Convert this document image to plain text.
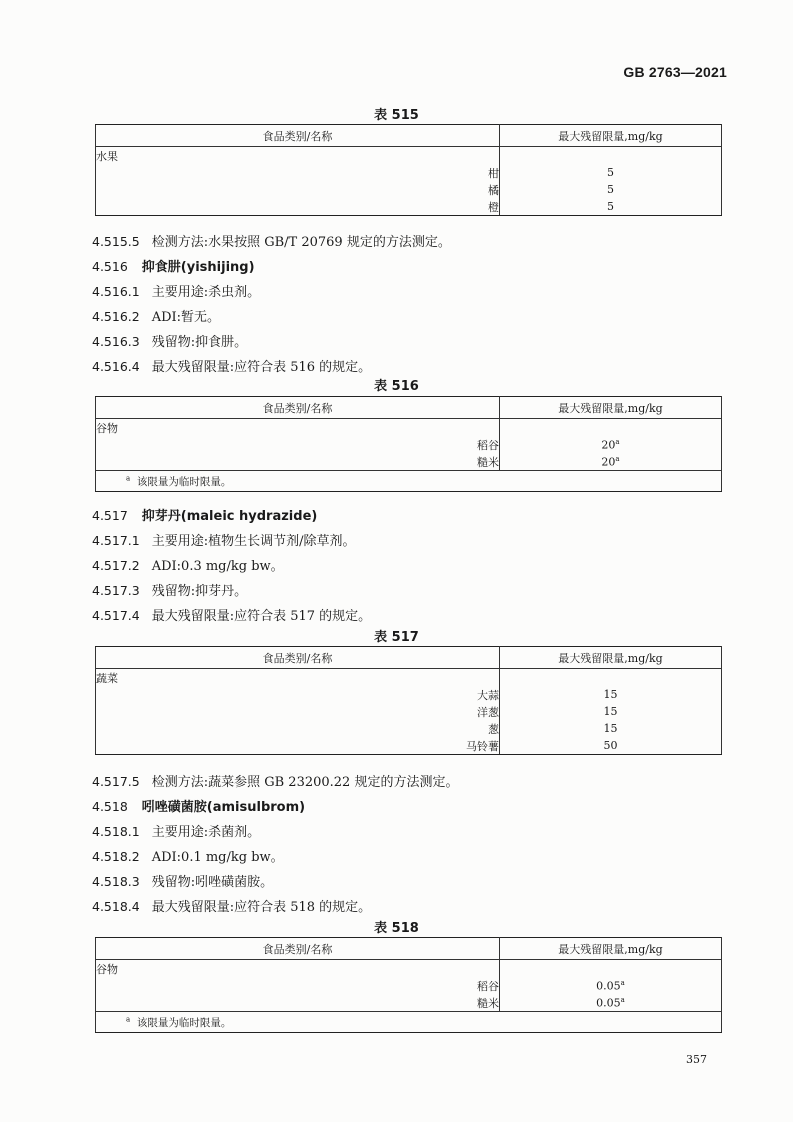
GB 2763—2021
表 515
食品类别/名称	最大残留限量,mg/kg
水果	
柑	5
橘	5
橙	5
4.515.5 检测方法:水果按照 GB/T 20769 规定的方法测定。
4.516 抑食肼(yishijing)
4.516.1 主要用途:杀虫剂。
4.516.2 ADI:暂无。
4.516.3 残留物:抑食肼。
4.516.4 最大残留限量:应符合表 516 的规定。
表 516
食品类别/名称	最大残留限量,mg/kg
谷物	
稻谷	20$^a$
糙米	20$^a$
$^a$ 该限量为临时限量。	
4.517 抑芽丹(maleic hydrazide)
4.517.1 主要用途:植物生长调节剂/除草剂。
4.517.2 ADI:0.3 mg/kg bw。
4.517.3 残留物:抑芽丹。
4.517.4 最大残留限量:应符合表 517 的规定。
表 517
食品类别/名称	最大残留限量,mg/kg
蔬菜	
大蒜	15
洋葱	15
葱	15
马铃薯	50
4.517.5 检测方法:蔬菜参照 GB 23200.22 规定的方法测定。
4.518 吲唑磺菌胺(amisulbrom)
4.518.1 主要用途:杀菌剂。
4.518.2 ADI:0.1 mg/kg bw。
4.518.3 残留物:吲唑磺菌胺。
4.518.4 最大残留限量:应符合表 518 的规定。
表 518
食品类别/名称	最大残留限量,mg/kg
谷物	
稻谷	0.05$^a$
糙米	0.05$^a$
$^a$ 该限量为临时限量。	
357
